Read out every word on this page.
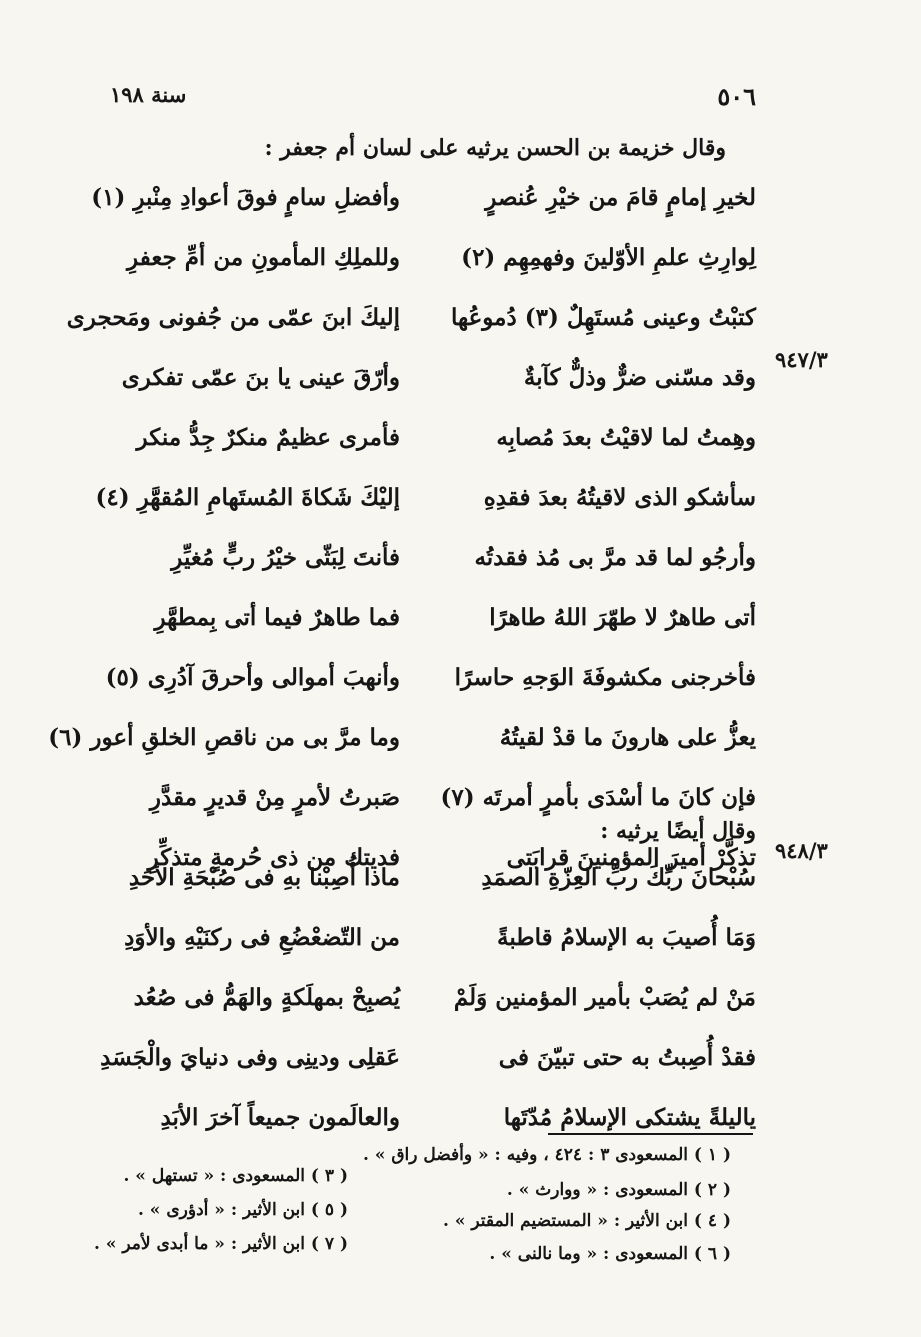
٥٠٦
سنة ١٩٨
وقال خزيمة بن الحسن يرثيه على لسان أم جعفر :
٩٤٧/٣
لخيرِ إمامٍ قامَ من خيْرِ عُنصرٍ
وأفضلِ سامٍ فوقَ أعوادِ مِنْبرِ (١)
لِوارِثِ علمِ الأوّلينَ وفهمِهِم (٢)
وللملِكِ المأمونِ من أمِّ جعفرِ
كتبْتُ وعينى مُستَهِلٌ (٣) دُموعُها
إليكَ ابنَ عمّى من جُفونى ومَحجرى
وقد مسّنى ضرٌّ وذلٌّ كآبةٌ
وأرّقَ عينى يا بنَ عمّى تفكرى
وهِمتُ لما لاقيْتُ بعدَ مُصابِه
فأمرى عظيمٌ منكرٌ جِدُّ منكر
سأشكو الذى لاقيتُهُ بعدَ فقدِهِ
إليْكَ شَكاةَ المُستَهامِ المُقهَّرِ (٤)
وأرجُو لما قد مرَّ بى مُذ فقدتُه
فأنتَ لِبَثّى خيْرُ ربٍّ مُغيِّرِ
أتى طاهرٌ لا طهّرَ اللهُ طاهرًا
فما طاهرٌ فيما أتى بِمطهَّرِ
فأخرجنى مكشوفَةَ الوَجهِ حاسرًا
وأنهبَ أموالى وأحرقَ آدُرِى (٥)
يعزُّ على هارونَ ما قدْ لقيتُهُ
وما مرَّ بى من ناقصِ الخلقِ أعور (٦)
فإن كانَ ما أسْدَى بأمرٍ أمرتَه (٧)
صَبرتُ لأمرٍ مِنْ قديرٍ مقدَّرِ
تذكَّرْ أميرَ المؤمنينَ قرابَتى
فديتك من ذى حُرمةٍ متذكِّرِ
وقال أيضًا يرثيه :
٩٤٨/٣
سُبْحانَ ربِّكَ ربِّ العِزّةِ الصمَدِ
ماذا أُصِبْنا بهِ فى صُبْحَةِ الأحَدِ
وَمَا أُصيبَ به الإسلامُ قاطبةً
من التّضعْضُعِ فى ركنَيْهِ والأوَدِ
مَنْ لم يُصَبْ بأمير المؤمنين وَلَمْ
يُصبِحْ بمهلَكةٍ والهَمُّ فى صُعُد
فقدْ أُصِبتُ به حتى تبيّنَ فى
عَقلِى ودينِى وفى دنيايَ والْجَسَدِ
ياليلةً يشتكى الإسلامُ مُدّتَها
والعالَمون جميعاً آخرَ الأبَدِ
( ١ ) المسعودى ٣ : ٤٢٤ ، وفيه : « وأفضل راق » .
( ٢ ) المسعودى : « ووارث » .
( ٣ ) المسعودى : « تستهل » .
( ٤ ) ابن الأثير : « المستضيم المقتر » .
( ٥ ) ابن الأثير : « أدؤرى » .
( ٦ ) المسعودى : « وما نالنى » .
( ٧ ) ابن الأثير : « ما أبدى لأمر » .
